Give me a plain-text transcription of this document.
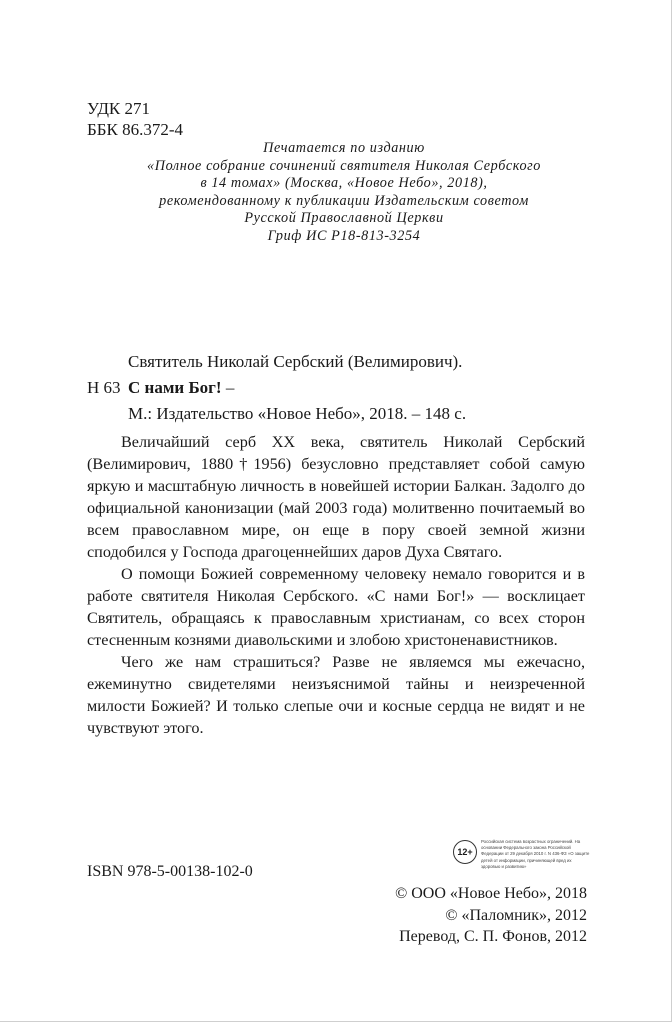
УДК 271
ББК 86.372-4
Печатается по изданию
«Полное собрание сочинений святителя Николая Сербского
в 14 томах» (Москва, «Новое Небо», 2018),
рекомендованному к публикации Издательским советом
Русской Православной Церкви
Гриф ИС Р18-813-3254
Святитель Николай Сербский (Велимирович).
Н 63 С нами Бог! –
М.: Издательство «Новое Небо», 2018. – 148 с.

Величайший серб XX века, святитель Николай Сербский (Велимирович, 1880†1956) безусловно представляет собой самую яркую и масштабную личность в новейшей истории Балкан. Задолго до официальной канонизации (май 2003 года) молитвенно почитаемый во всем православном мире, он еще в пору своей земной жизни сподобился у Господа драгоценнейших даров Духа Святаго.

О помощи Божией современному человеку немало говорится и в работе святителя Николая Сербского. «С нами Бог!» — восклицает Святитель, обращаясь к православным христианам, со всех сторон стесненным кознями диавольскими и злобою христоненавистников.

Чего же нам страшиться? Разве не являемся мы ежечасно, ежеминутно свидетелями неизъяснимой тайны и неизреченной милости Божией? И только слепые очи и косные сердца не видят и не чувствуют этого.

ISBN 978-5-00138-102-0
12+
Российская система возрастных ограничений. На основании Федерального закона Российской Федерации от 29 декабря 2010 г. N 436-ФЗ «О защите детей от информации, причиняющей вред их здоровью и развитию»
© ООО «Новое Небо», 2018
© «Паломник», 2012
Перевод, С. П. Фонов, 2012
